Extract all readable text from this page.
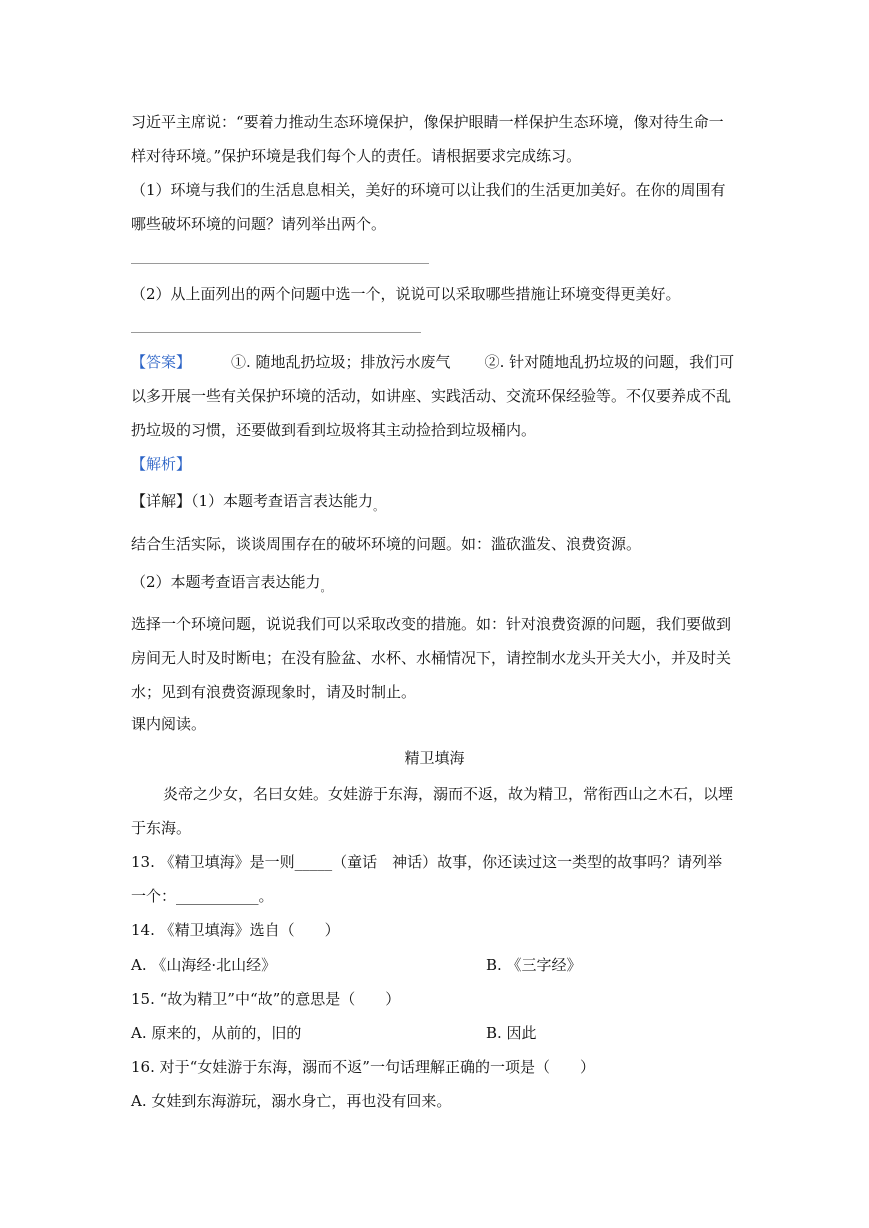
习近平主席说：“要着力推动生态环境保护，像保护眼睛一样保护生态环境，像对待生命一
样对待环境。”保护环境是我们每个人的责任。请根据要求完成练习。
（1）环境与我们的生活息息相关，美好的环境可以让我们的生活更加美好。在你的周围有
哪些破坏环境的问题？请列举出两个。
（2）从上面列出的两个问题中选一个，说说可以采取哪些措施让环境变得更美好。
【答案】	①. 随地乱扔垃圾；排放污水废气 ②. 针对随地乱扔垃圾的问题，我们可
以多开展一些有关保护环境的活动，如讲座、实践活动、交流环保经验等。不仅要养成不乱
扔垃圾的习惯，还要做到看到垃圾将其主动捡拾到垃圾桶内。
【解析】
【详解】（1）本题考查语言表达能力$_。$
结合生活实际，谈谈周围存在的破坏环境的问题。如：滥砍滥发、浪费资源。
（2）本题考查语言表达能力$_。$
选择一个环境问题，说说我们可以采取改变的措施。如：针对浪费资源的问题，我们要做到
房间无人时及时断电；在没有脸盆、水杯、水桶情况下，请控制水龙头开关大小，并及时关
水；见到有浪费资源现象时，请及时制止。
课内阅读。
精卫填海
炎帝之少女，名曰女娃。女娃游于东海，溺而不返，故为精卫，常衔西山之木石，以堙
于东海。
13. 《精卫填海》是一则_____（童话　神话）故事，你还读过这一类型的故事吗？请列举
一个：___________。
14. 《精卫填海》选自（　　）
A. 《山海经·北山经》	B. 《三字经》
15. “故为精卫”中“故”的意思是（　　）
A. 原来的，从前的，旧的	B. 因此
16. 对于“女娃游于东海，溺而不返”一句话理解正确的一项是（　　）
A. 女娃到东海游玩，溺水身亡，再也没有回来。
